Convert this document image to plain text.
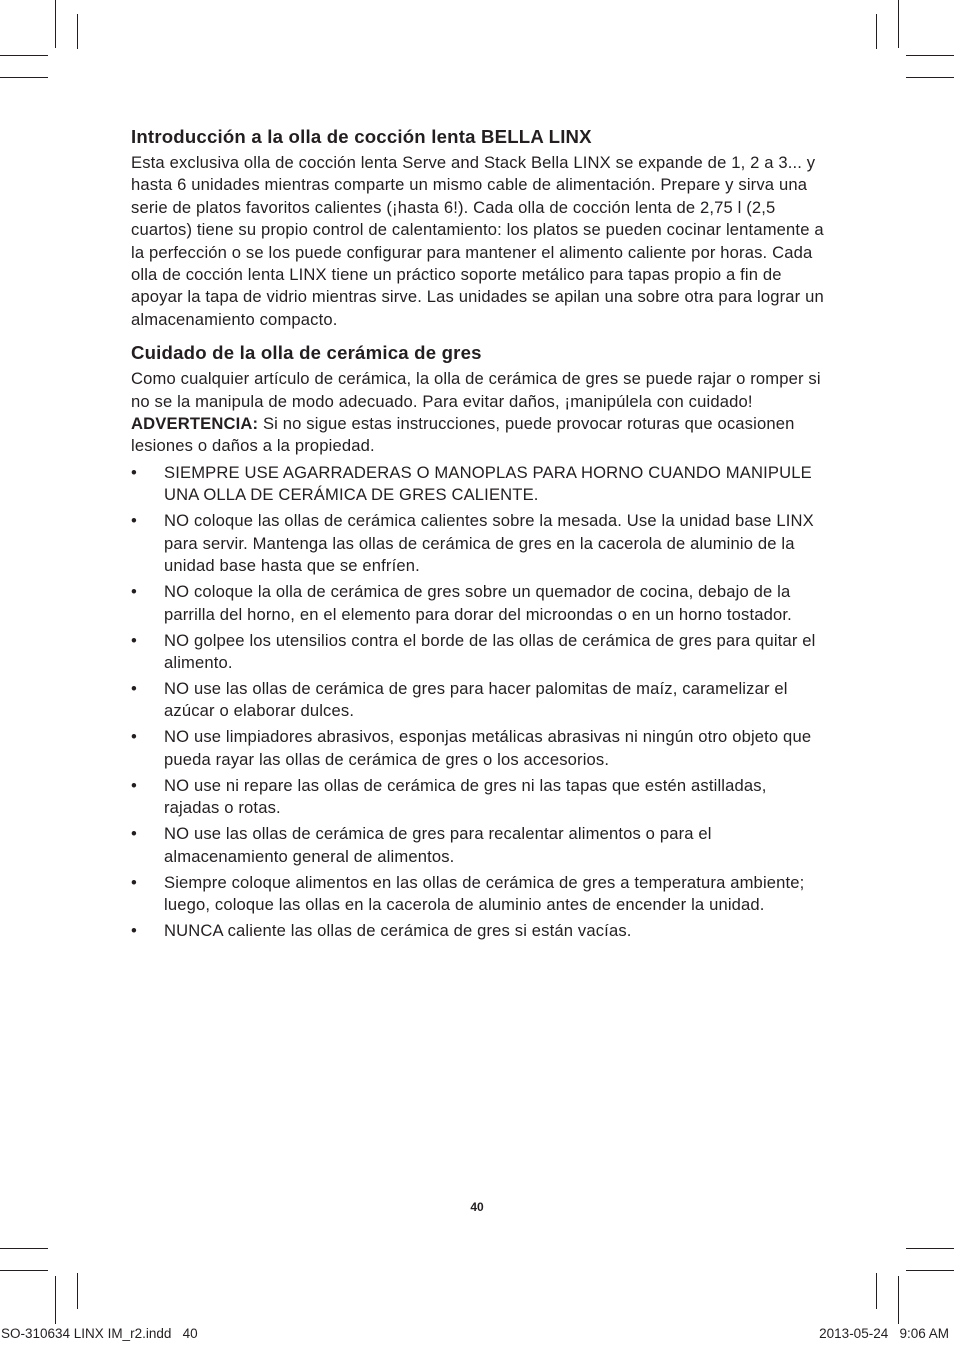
Introducción a la olla de cocción lenta BELLA LINX

Esta exclusiva olla de cocción lenta Serve and Stack Bella LINX se expande de 1, 2 a 3... y hasta 6 unidades mientras comparte un mismo cable de alimentación. Prepare y sirva una serie de platos favoritos calientes (¡hasta 6!). Cada olla de cocción lenta de 2,75 l (2,5 cuartos) tiene su propio control de calentamiento: los platos se pueden cocinar lentamente a la perfección o se los puede configurar para mantener el alimento caliente por horas. Cada olla de cocción lenta LINX tiene un práctico soporte metálico para tapas propio a fin de apoyar la tapa de vidrio mientras sirve. Las unidades se apilan una sobre otra para lograr un almacenamiento compacto.

Cuidado de la olla de cerámica de gres

Como cualquier artículo de cerámica, la olla de cerámica de gres se puede rajar o romper si no se la manipula de modo adecuado. Para evitar daños, ¡manipúlela con cuidado!

ADVERTENCIA: Si no sigue estas instrucciones, puede provocar roturas que ocasionen lesiones o daños a la propiedad.

• SIEMPRE USE AGARRADERAS O MANOPLAS PARA HORNO CUANDO MANIPULE UNA OLLA DE CERÁMICA DE GRES CALIENTE.
• NO coloque las ollas de cerámica calientes sobre la mesada. Use la unidad base LINX para servir. Mantenga las ollas de cerámica de gres en la cacerola de aluminio de la unidad base hasta que se enfríen.
• NO coloque la olla de cerámica de gres sobre un quemador de cocina, debajo de la parrilla del horno, en el elemento para dorar del microondas o en un horno tostador.
• NO golpee los utensilios contra el borde de las ollas de cerámica de gres para quitar el alimento.
• NO use las ollas de cerámica de gres para hacer palomitas de maíz, caramelizar el azúcar o elaborar dulces.
• NO use limpiadores abrasivos, esponjas metálicas abrasivas ni ningún otro objeto que pueda rayar las ollas de cerámica de gres o los accesorios.
• NO use ni repare las ollas de cerámica de gres ni las tapas que estén astilladas, rajadas o rotas.
• NO use las ollas de cerámica de gres para recalentar alimentos o para el almacenamiento general de alimentos.
• Siempre coloque alimentos en las ollas de cerámica de gres a temperatura ambiente; luego, coloque las ollas en la cacerola de aluminio antes de encender la unidad.
• NUNCA caliente las ollas de cerámica de gres si están vacías.
40
SO-310634 LINX IM_r2.indd   40	2013-05-24   9:06 AM
